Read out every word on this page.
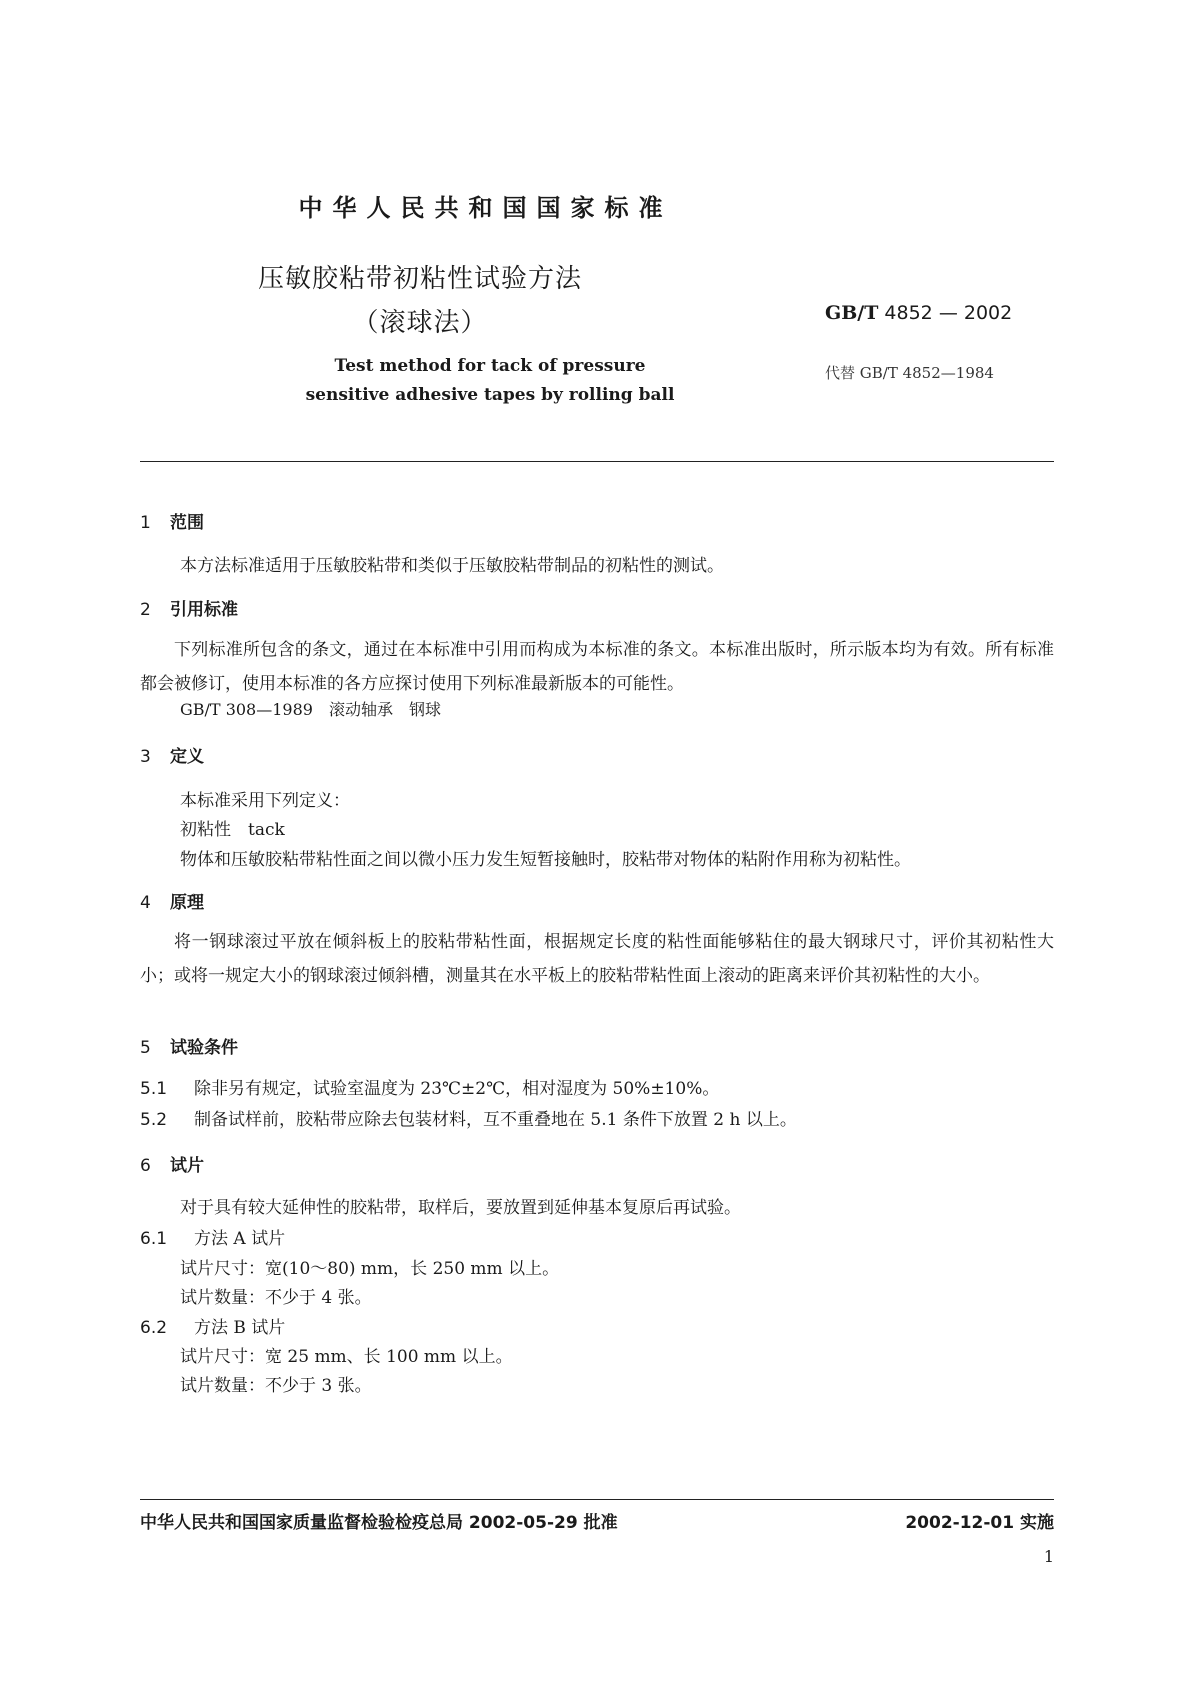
中华人民共和国国家标准
压敏胶粘带初粘性试验方法
（滚球法）
Test method for tack of pressure
sensitive adhesive tapes by rolling ball
GB/T 4852 — 2002
代替 GB/T 4852—1984
1 范围
本方法标准适用于压敏胶粘带和类似于压敏胶粘带制品的初粘性的测试。
2 引用标准
下列标准所包含的条文，通过在本标准中引用而构成为本标准的条文。本标准出版时，所示版本均为有效。所有标准都会被修订，使用本标准的各方应探讨使用下列标准最新版本的可能性。
GB/T 308—1989　滚动轴承　钢球
3 定义
本标准采用下列定义：
初粘性　tack
物体和压敏胶粘带粘性面之间以微小压力发生短暂接触时，胶粘带对物体的粘附作用称为初粘性。
4 原理
将一钢球滚过平放在倾斜板上的胶粘带粘性面，根据规定长度的粘性面能够粘住的最大钢球尺寸，评价其初粘性大小；或将一规定大小的钢球滚过倾斜槽，测量其在水平板上的胶粘带粘性面上滚动的距离来评价其初粘性的大小。
5 试验条件
5.1 除非另有规定，试验室温度为 23℃±2℃，相对湿度为 50%±10%。
5.2 制备试样前，胶粘带应除去包装材料，互不重叠地在 5.1 条件下放置 2 h 以上。
6 试片
对于具有较大延伸性的胶粘带，取样后，要放置到延伸基本复原后再试验。
6.1 方法 A 试片
试片尺寸：宽(10～80) mm，长 250 mm 以上。
试片数量：不少于 4 张。
6.2 方法 B 试片
试片尺寸：宽 25 mm、长 100 mm 以上。
试片数量：不少于 3 张。
中华人民共和国国家质量监督检验检疫总局 2002-05-29 批准	2002-12-01 实施
1
